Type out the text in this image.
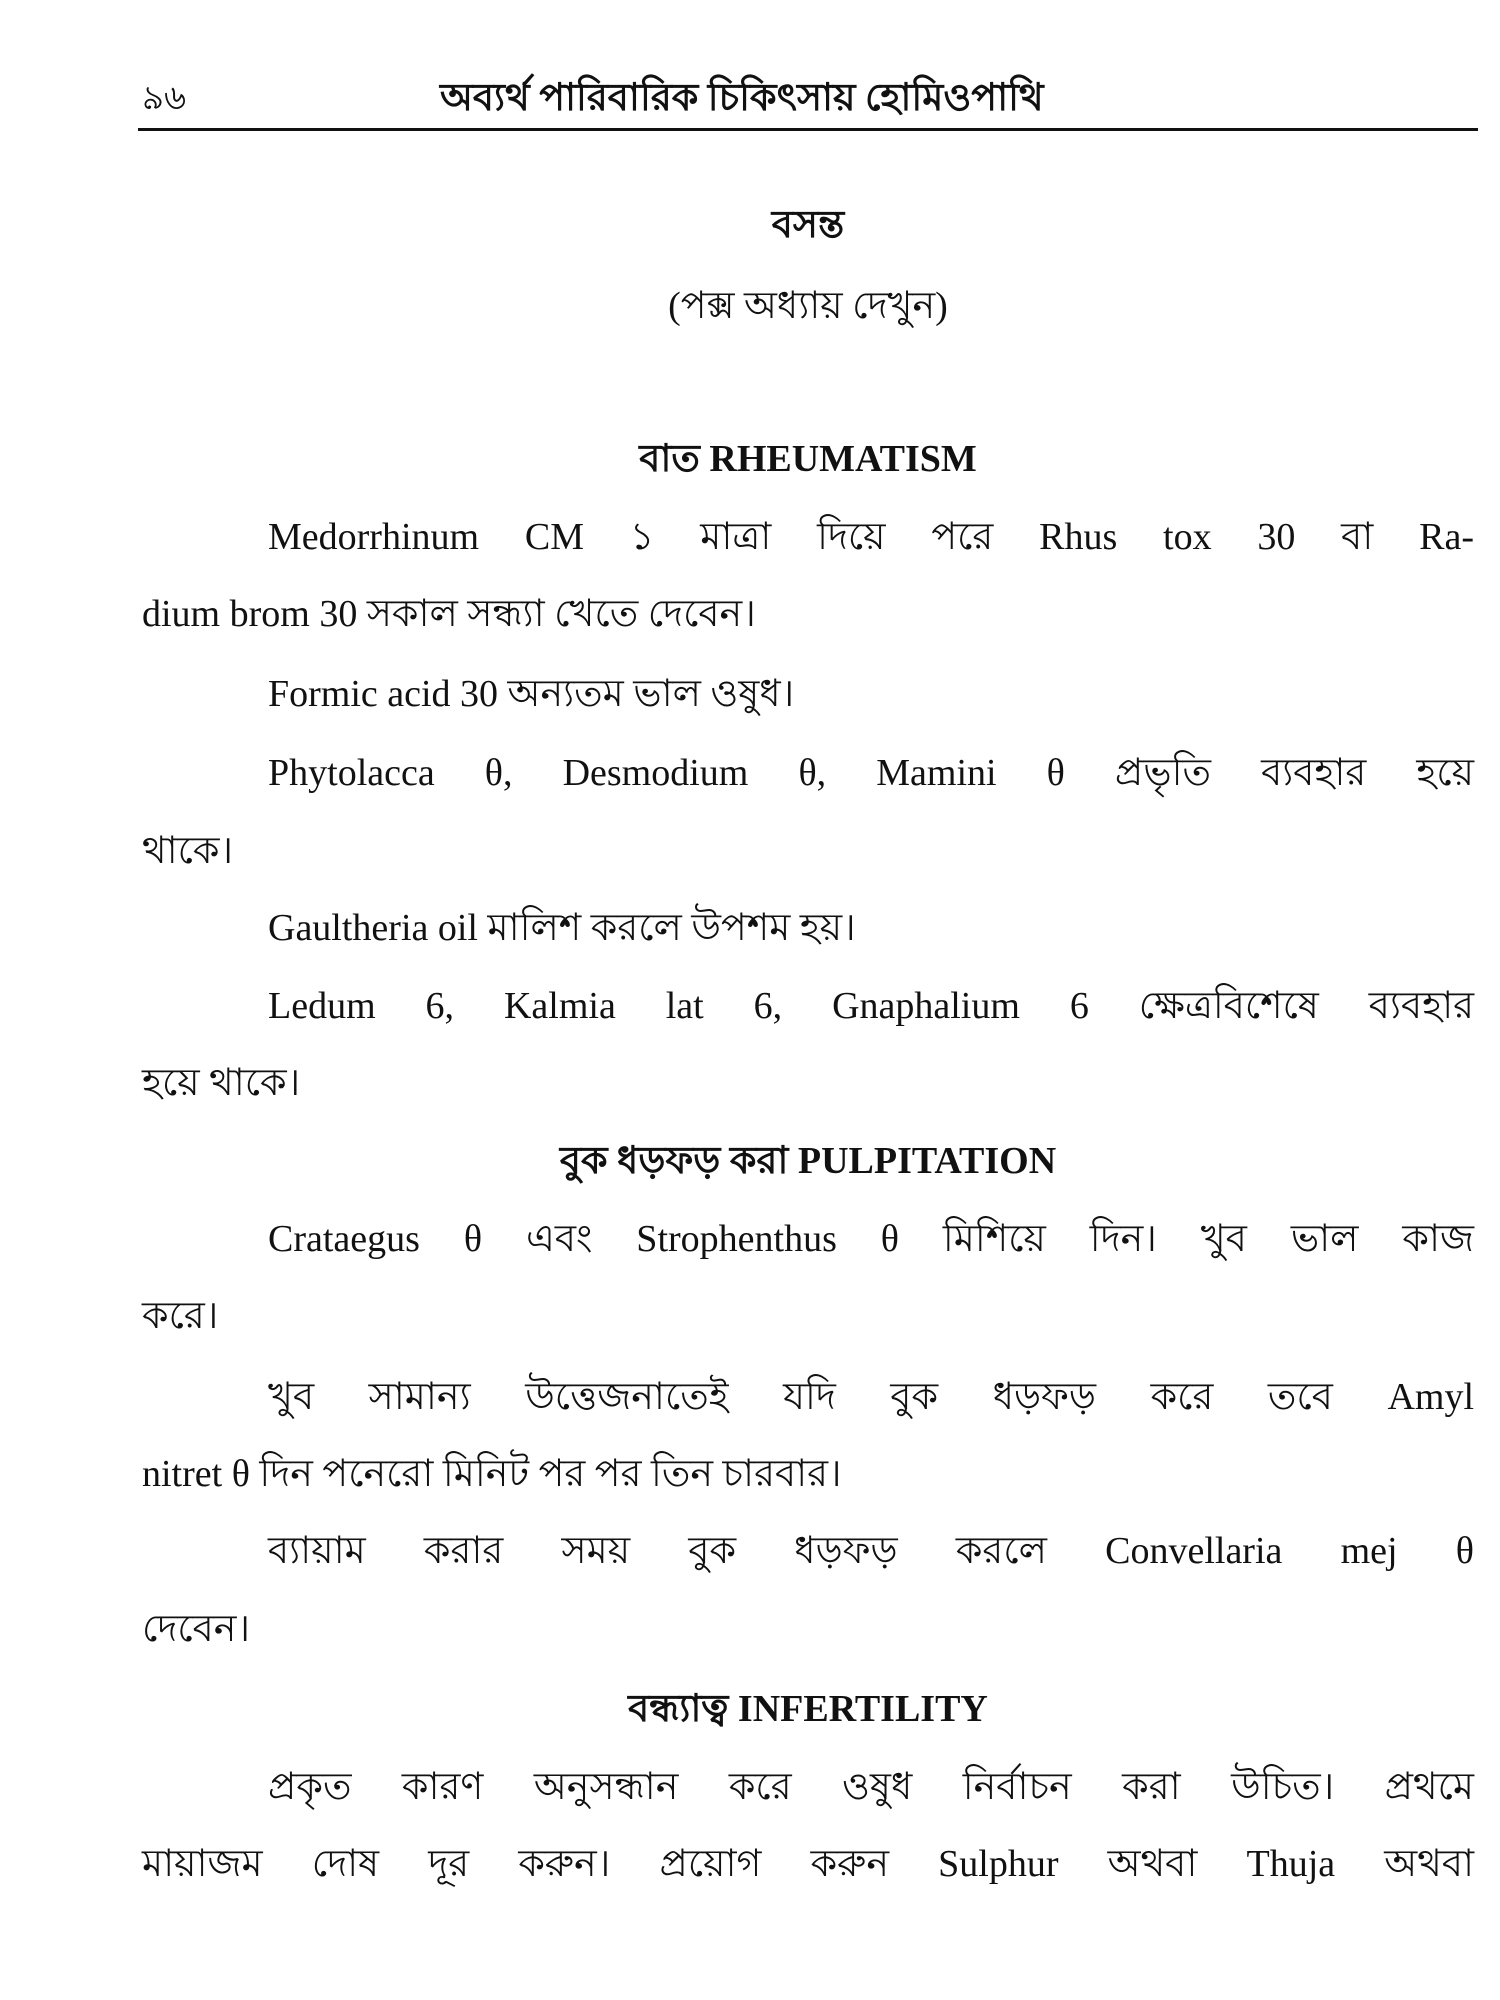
৯৬	অব্যর্থ পারিবারিক চিকিৎসায় হোমিওপাথি
বসন্ত
(পক্স অধ্যায় দেখুন)
বাত RHEUMATISM
Medorrhinum CM ১ মাত্রা দিয়ে পরে Rhus tox 30 বা Ra-
dium brom 30 সকাল সন্ধ্যা খেতে দেবেন।
Formic acid 30 অন্যতম ভাল ওষুধ।
Phytolacca θ, Desmodium θ, Mamini θ প্রভৃতি ব্যবহার হয়ে
থাকে।
Gaultheria oil মালিশ করলে উপশম হয়।
Ledum 6, Kalmia lat 6, Gnaphalium 6 ক্ষেত্রবিশেষে ব্যবহার
হয়ে থাকে।
বুক ধড়ফড় করা PULPITATION
Crataegus θ এবং Strophenthus θ মিশিয়ে দিন। খুব ভাল কাজ
করে।
খুব সামান্য উত্তেজনাতেই যদি বুক ধড়ফড় করে তবে Amyl
nitret θ দিন পনেরো মিনিট পর পর তিন চারবার।
ব্যায়াম করার সময় বুক ধড়ফড় করলে Convellaria mej θ
দেবেন।
বন্ধ্যাত্ব INFERTILITY
প্রকৃত কারণ অনুসন্ধান করে ওষুধ নির্বাচন করা উচিত। প্রথমে
মায়াজম দোষ দূর করুন। প্রয়োগ করুন Sulphur অথবা Thuja অথবা
